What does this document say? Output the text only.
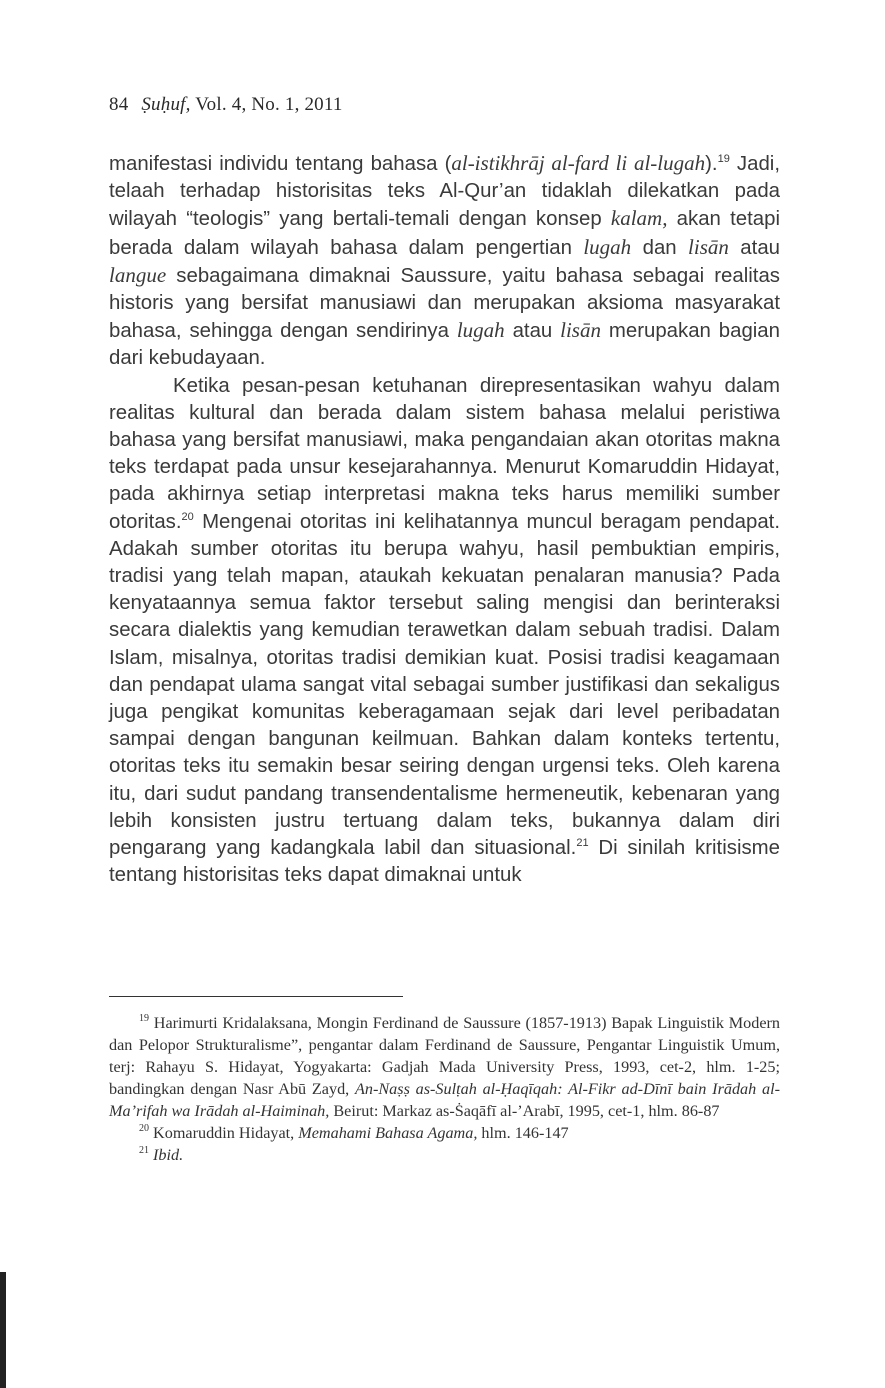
84 Ṣuḥuf, Vol. 4, No. 1, 2011

manifestasi individu tentang bahasa (al-istikhrāj al-fard li al-lugah).$^{19}$ Jadi, telaah terhadap historisitas teks Al-Qur’an tidaklah dilekatkan pada wilayah “teologis” yang bertali-temali dengan konsep kalam, akan tetapi berada dalam wilayah bahasa dalam pengertian lugah dan lisān atau langue sebagaimana dimaknai Saussure, yaitu bahasa sebagai realitas historis yang bersifat manusiawi dan merupakan aksioma masyarakat bahasa, sehingga dengan sendirinya lugah atau lisān merupakan bagian dari kebudayaan.

Ketika pesan-pesan ketuhanan direpresentasikan wahyu dalam realitas kultural dan berada dalam sistem bahasa melalui peristiwa bahasa yang bersifat manusiawi, maka pengandaian akan otoritas makna teks terdapat pada unsur kesejarahannya. Menurut Komaruddin Hidayat, pada akhirnya setiap interpretasi makna teks harus memiliki sumber otoritas.$^{20}$ Mengenai otoritas ini kelihatannya muncul beragam pendapat. Adakah sumber otoritas itu berupa wahyu, hasil pembuktian empiris, tradisi yang telah mapan, ataukah kekuatan penalaran manusia? Pada kenyataannya semua faktor tersebut saling mengisi dan berinteraksi secara dialektis yang kemudian terawetkan dalam sebuah tradisi. Dalam Islam, misalnya, otoritas tradisi demikian kuat. Posisi tradisi keagamaan dan pendapat ulama sangat vital sebagai sumber justifikasi dan sekaligus juga pengikat komunitas keberagamaan sejak dari level peribadatan sampai dengan bangunan keilmuan. Bahkan dalam konteks tertentu, otoritas teks itu semakin besar seiring dengan urgensi teks. Oleh karena itu, dari sudut pandang transendentalisme hermeneutik, kebenaran yang lebih konsisten justru tertuang dalam teks, bukannya dalam diri pengarang yang kadangkala labil dan situasional.$^{21}$ Di sinilah kritisisme tentang historisitas teks dapat dimaknai untuk

$^{19}$ Harimurti Kridalaksana, Mongin Ferdinand de Saussure (1857-1913) Bapak Linguistik Modern dan Pelopor Strukturalisme”, pengantar dalam Ferdinand de Saussure, Pengantar Linguistik Umum, terj: Rahayu S. Hidayat, Yogyakarta: Gadjah Mada University Press, 1993, cet-2, hlm. 1-25; bandingkan dengan Nasr Abū Zayd, An-Naṣṣ as-Sulṭah al-Ḥaqīqah: Al-Fikr ad-Dīnī bain Irādah al-Ma’rifah wa Irādah al-Haiminah, Beirut: Markaz as-Ṡaqāfī al-’Arabī, 1995, cet-1, hlm. 86-87

$^{20}$ Komaruddin Hidayat, Memahami Bahasa Agama, hlm. 146-147

$^{21}$ Ibid.
